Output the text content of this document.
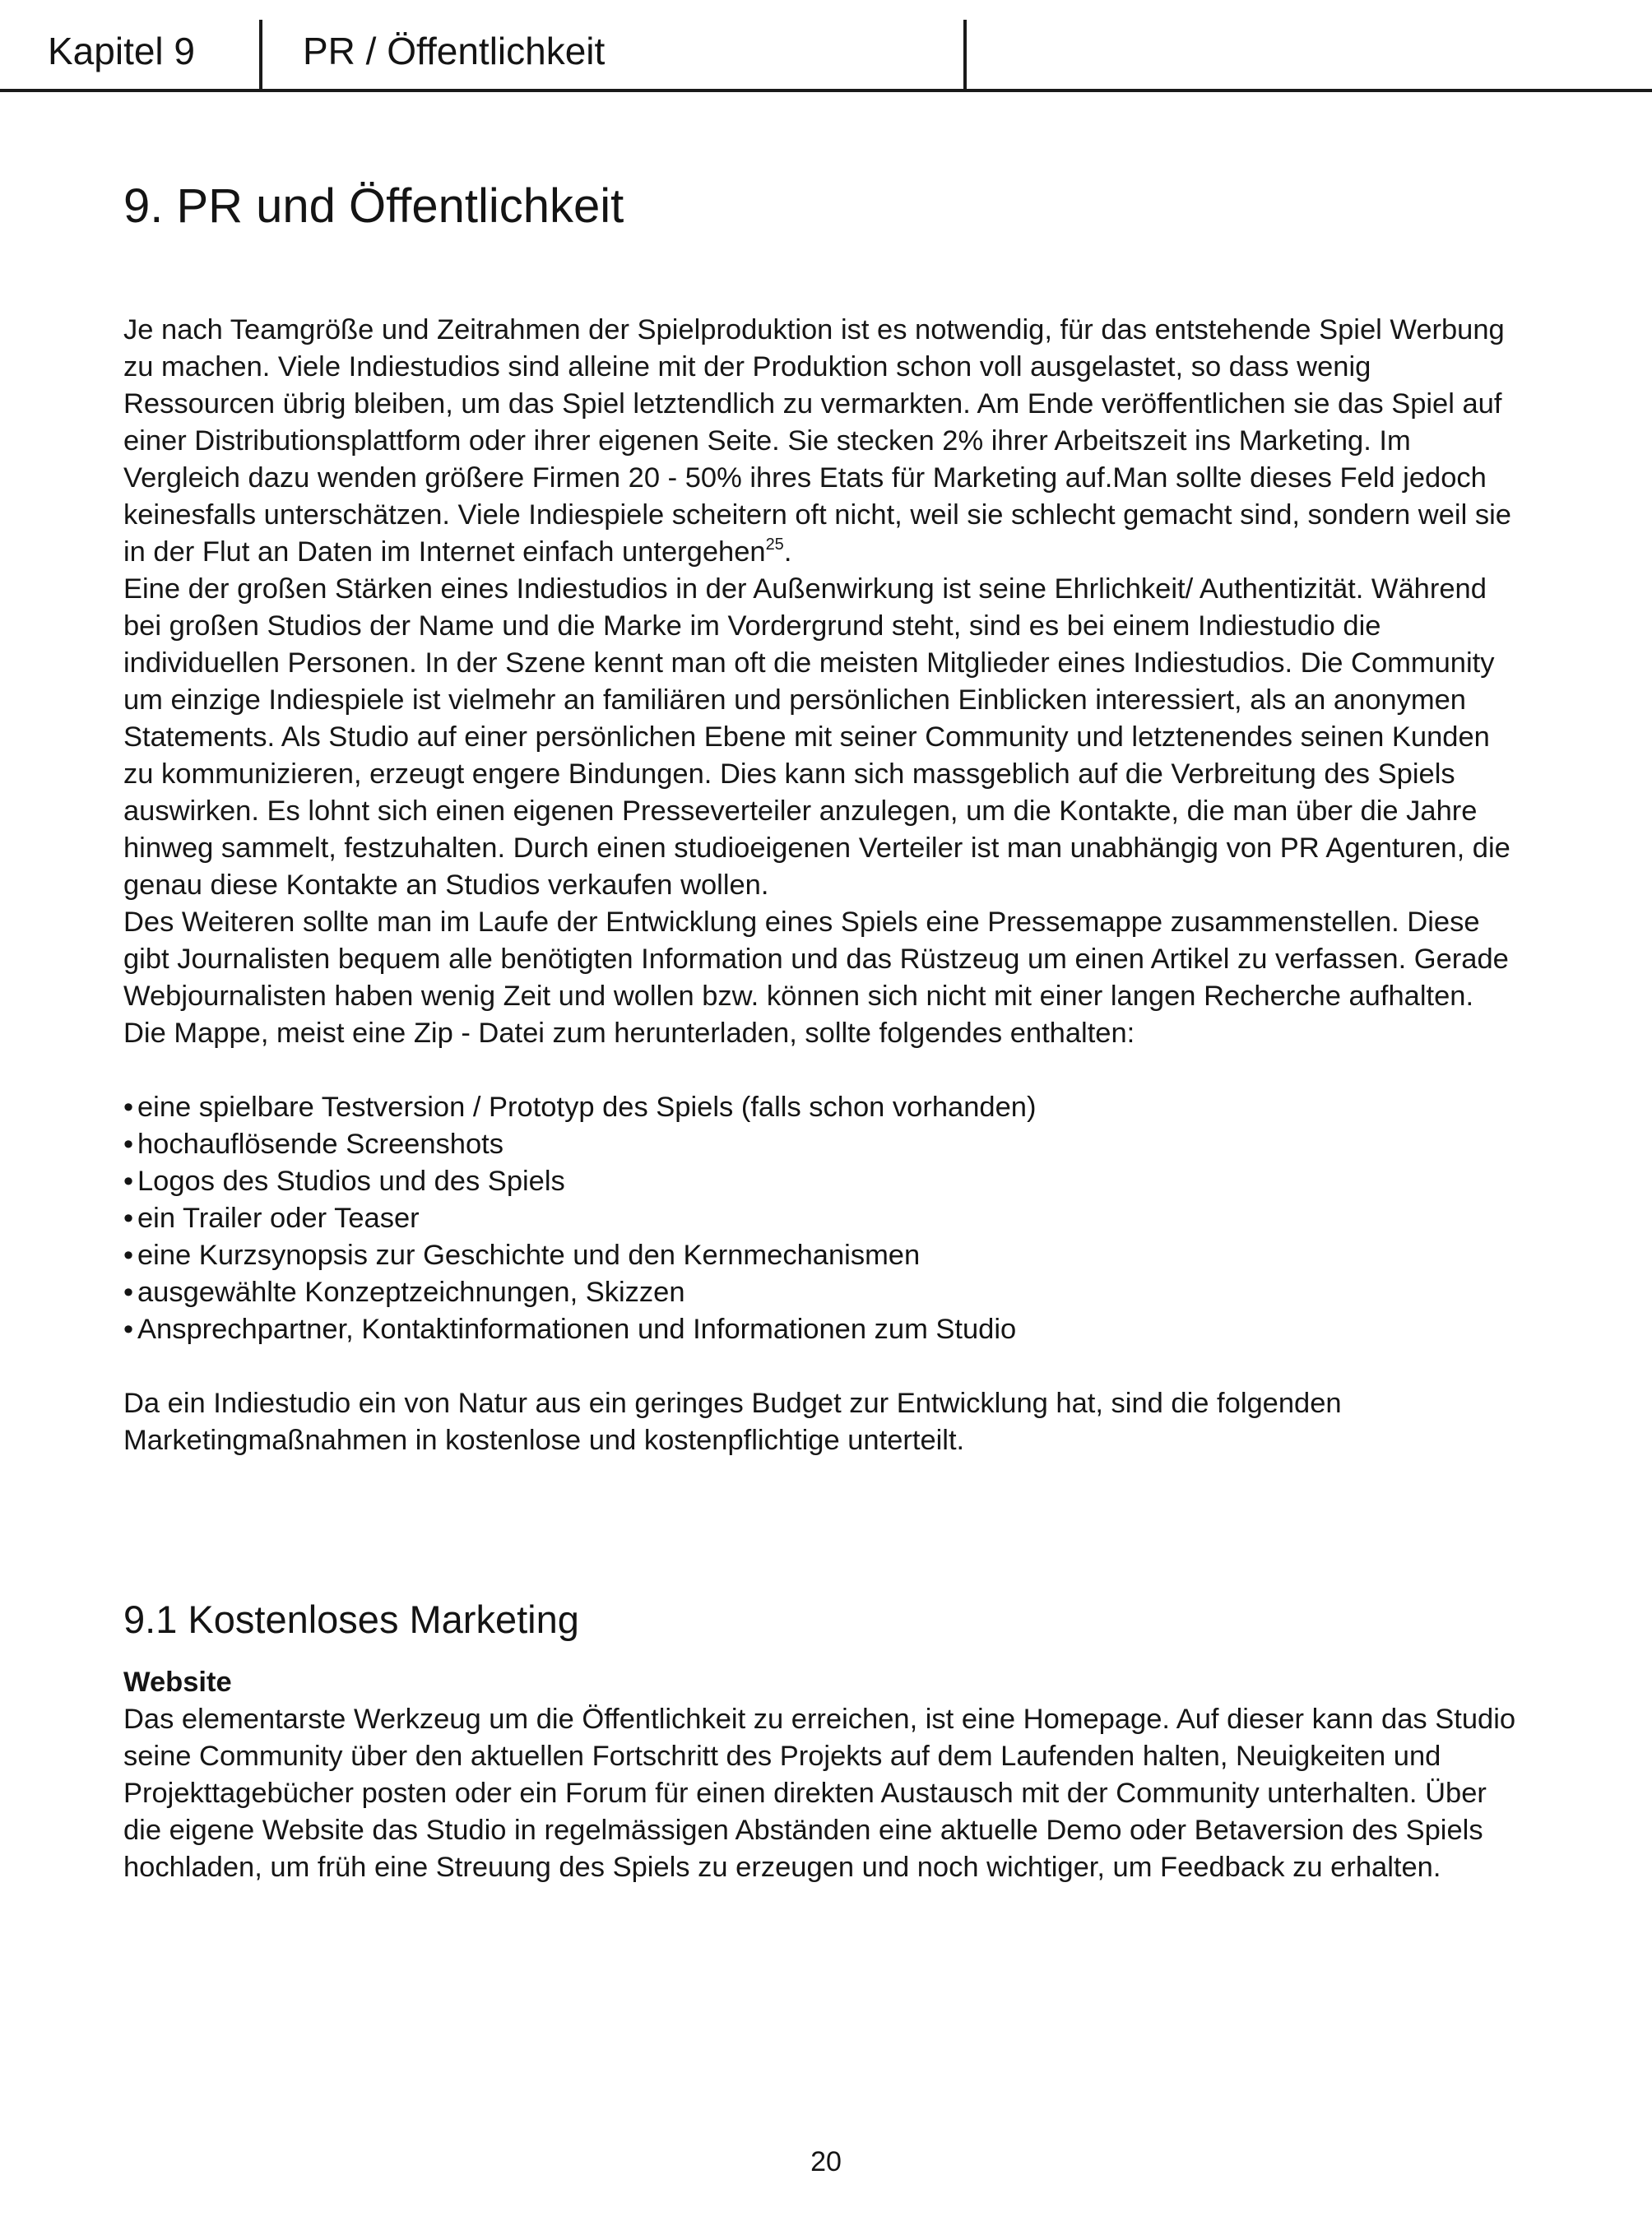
Kapitel 9	PR / Öffentlichkeit
9. PR und Öffentlichkeit

Je nach Teamgröße und Zeitrahmen der Spielproduktion ist es notwendig, für das entstehende Spiel Werbung zu machen. Viele Indiestudios sind alleine mit der Produktion schon voll ausgelastet, so dass wenig Ressourcen übrig bleiben, um das Spiel letztendlich zu vermarkten. Am Ende veröffentlichen sie das Spiel auf einer Distributionsplattform oder ihrer eigenen Seite. Sie stecken 2% ihrer Arbeitszeit ins Marketing. Im Vergleich dazu wenden größere Firmen 20 - 50% ihres Etats für Marketing auf.Man sollte dieses Feld jedoch keinesfalls unterschätzen. Viele Indiespiele scheitern oft nicht, weil sie schlecht gemacht sind, sondern weil sie in der Flut an Daten im Internet einfach untergehen$^{25}$.

Eine der großen Stärken eines Indiestudios in der Außenwirkung ist seine Ehrlichkeit/ Authentizität. Während bei großen Studios der Name und die Marke im Vordergrund steht, sind es bei einem Indiestudio die individuellen Personen. In der Szene kennt man oft die meisten Mitglieder eines Indiestudios. Die Community um einzige Indiespiele ist vielmehr an familiären und persönlichen Einblicken interessiert, als an anonymen Statements. Als Studio auf einer persönlichen Ebene mit seiner Community und letztenendes seinen Kunden zu kommunizieren, erzeugt engere Bindungen. Dies kann sich massgeblich auf die Verbreitung des Spiels auswirken. Es lohnt sich einen eigenen Presseverteiler anzulegen, um die Kontakte, die man über die Jahre hinweg sammelt, festzuhalten. Durch einen studioeigenen Verteiler ist man unabhängig von PR Agenturen, die genau diese Kontakte an Studios verkaufen wollen.

Des Weiteren sollte man im Laufe der Entwicklung eines Spiels eine Pressemappe zusammenstellen. Diese gibt Journalisten bequem alle benötigten Information und das Rüstzeug um einen Artikel zu verfassen. Gerade Webjournalisten haben wenig Zeit und wollen bzw. können sich nicht mit einer langen Recherche aufhalten. Die Mappe, meist eine Zip - Datei zum herunterladen, sollte folgendes enthalten:

• eine spielbare Testversion / Prototyp des Spiels (falls schon vorhanden)
• hochauflösende Screenshots
• Logos des Studios und des Spiels
• ein Trailer oder Teaser
• eine Kurzsynopsis zur Geschichte und den Kernmechanismen
• ausgewählte Konzeptzeichnungen, Skizzen
• Ansprechpartner, Kontaktinformationen und Informationen zum Studio

Da ein Indiestudio ein von Natur aus ein geringes Budget zur Entwicklung hat, sind die folgenden Marketingmaßnahmen in kostenlose und kostenpflichtige unterteilt.

9.1 Kostenloses Marketing
Website

Das elementarste Werkzeug um die Öffentlichkeit zu erreichen, ist eine Homepage. Auf dieser kann das Studio seine Community über den aktuellen Fortschritt des Projekts auf dem Laufenden halten, Neuigkeiten und Projekttagebücher posten oder ein Forum für einen direkten Austausch mit der Community unterhalten. Über die eigene Website das Studio in regelmässigen Abständen eine aktuelle Demo oder Betaversion des Spiels hochladen, um früh eine Streuung des Spiels zu erzeugen und noch wichtiger, um Feedback zu erhalten.

20
